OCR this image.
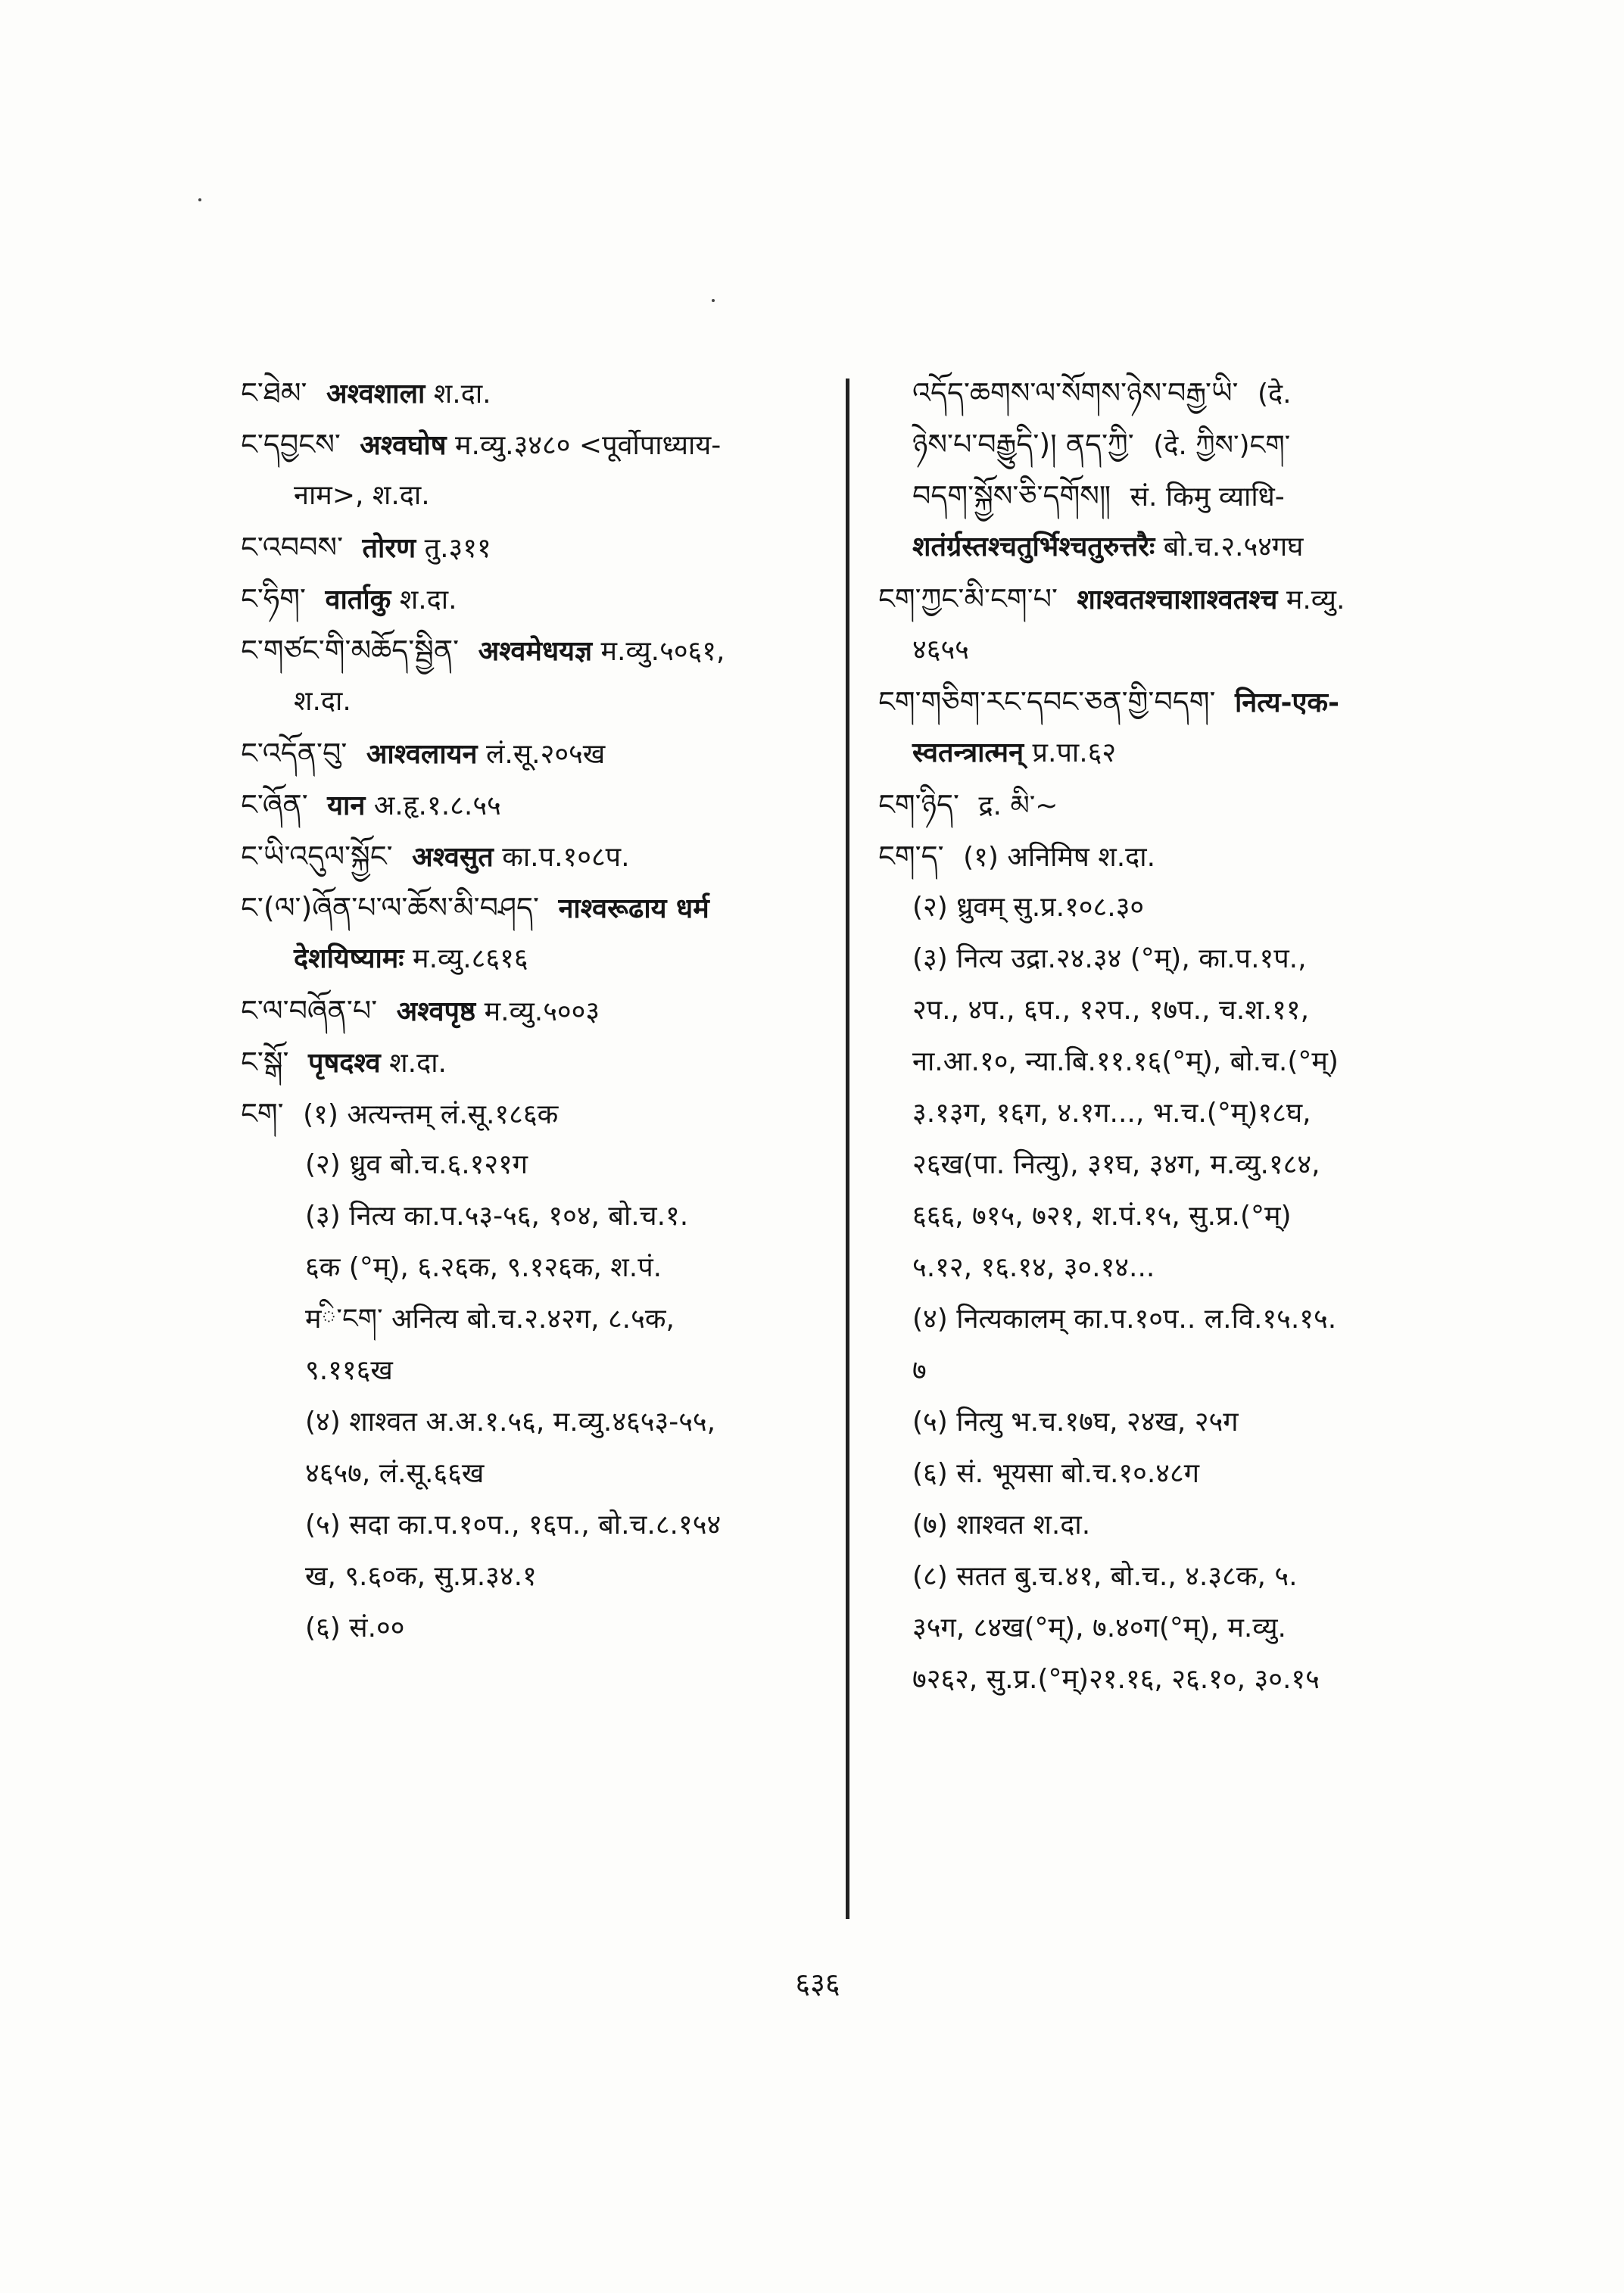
ང་ཐེམ་ अश्वशाला श.दा.
ང་དབྱངས་ अश्वघोष म.व्यु.३४८० <पूर्वोपाध्याय-
नाम>, श.दा.
ང་འབབས་ तोरण तु.३११
ང་ཧིག་ वार्ताकु श.दा.
ང་གཙང་གི་མཆོད་སྦྱིན་ अश्वमेधयज्ञ म.व्यु.५०६१,
श.दा.
ང་འདོན་བུ་ आश्वलायन लं.सू.२०५ख
ང་ཞོན་ यान अ.हृ.१.८.५५
ང་ཡི་འདུལ་སྐྱོང་ अश्वसुत का.प.१०८प.
ང་(ལ་)ཞོན་པ་ལ་ཆོས་མི་བཤད་ नाश्वरूढाय धर्म
देशयिष्यामः म.व्यु.८६१६
ང་ལ་བཞོན་པ་ अश्वपृष्ठ म.व्यु.५००३
ང་སྒོ་ पृषदश्व श.दा.
ངག་ (१) अत्यन्तम् लं.सू.१८६क
(२) ध्रुव बो.च.६.१२१ग
(३) नित्य का.प.५३-५६, १०४, बो.च.१.
६क (°म्), ६.२६क, ९.१२६क, श.पं.
मི་ངག་ अनित्य बो.च.२.४२ग, ८.५क,
९.११६ख
(४) शाश्वत अ.अ.१.५६, म.व्यु.४६५३-५५,
४६५७, लं.सू.६६ख
(५) सदा का.प.१०प., १६प., बो.च.८.१५४
ख, ९.६०क, सु.प्र.३४.१
(६) सं.००
འདོད་ཆགས་ལ་སོགས་ཉེས་བརྒྱ་ཡི་ (दे.
ཉེས་པ་བརྒྱུདི་)། ནད་ཀྱི་ (दे. ཀྱིས་)ངག་
བདག་སྐྱོས་ཅི་དགོས༎ सं. किमु व्याधि-
शतंर्ग्रस्तश्चतुर्भिश्चतुरुत्तरैः बो.च.२.५४गघ
ངག་ཀྱང་མི་ངག་པ་ शाश्वतश्चाशाश्वतश्च म.व्यु.
४६५५
ངག་གཅིག་རང་དབང་ཅན་གྱི་བདག་ नित्य-एक-
स्वतन्त्रात्मन् प्र.पा.६२
ངག་ཉིད་ द्र. མི་~
ངག་ད་ (१) अनिमिष श.दा.
(२) ध्रुवम् सु.प्र.१०८.३०
(३) नित्य उद्रा.२४.३४ (°म्), का.प.१प.,
२प., ४प., ६प., १२प., १७प., च.श.११,
ना.आ.१०, न्या.बि.११.१६(°म्), बो.च.(°म्)
३.१३ग, १६ग, ४.१ग..., भ.च.(°म्)१८घ,
२६ख(पा. नित्यु), ३१घ, ३४ग, म.व्यु.१८४,
६६६, ७१५, ७२१, श.पं.१५, सु.प्र.(°म्)
५.१२, १६.१४, ३०.१४...
(४) नित्यकालम् का.प.१०प.. ल.वि.१५.१५.
७
(५) नित्यु भ.च.१७घ, २४ख, २५ग
(६) सं. भूयसा बो.च.१०.४८ग
(७) शाश्वत श.दा.
(८) सतत बु.च.४१, बो.च., ४.३८क, ५.
३५ग, ८४ख(°म्), ७.४०ग(°म्), म.व्यु.
७२६२, सु.प्र.(°म्)२१.१६, २६.१०, ३०.१५
६३६
